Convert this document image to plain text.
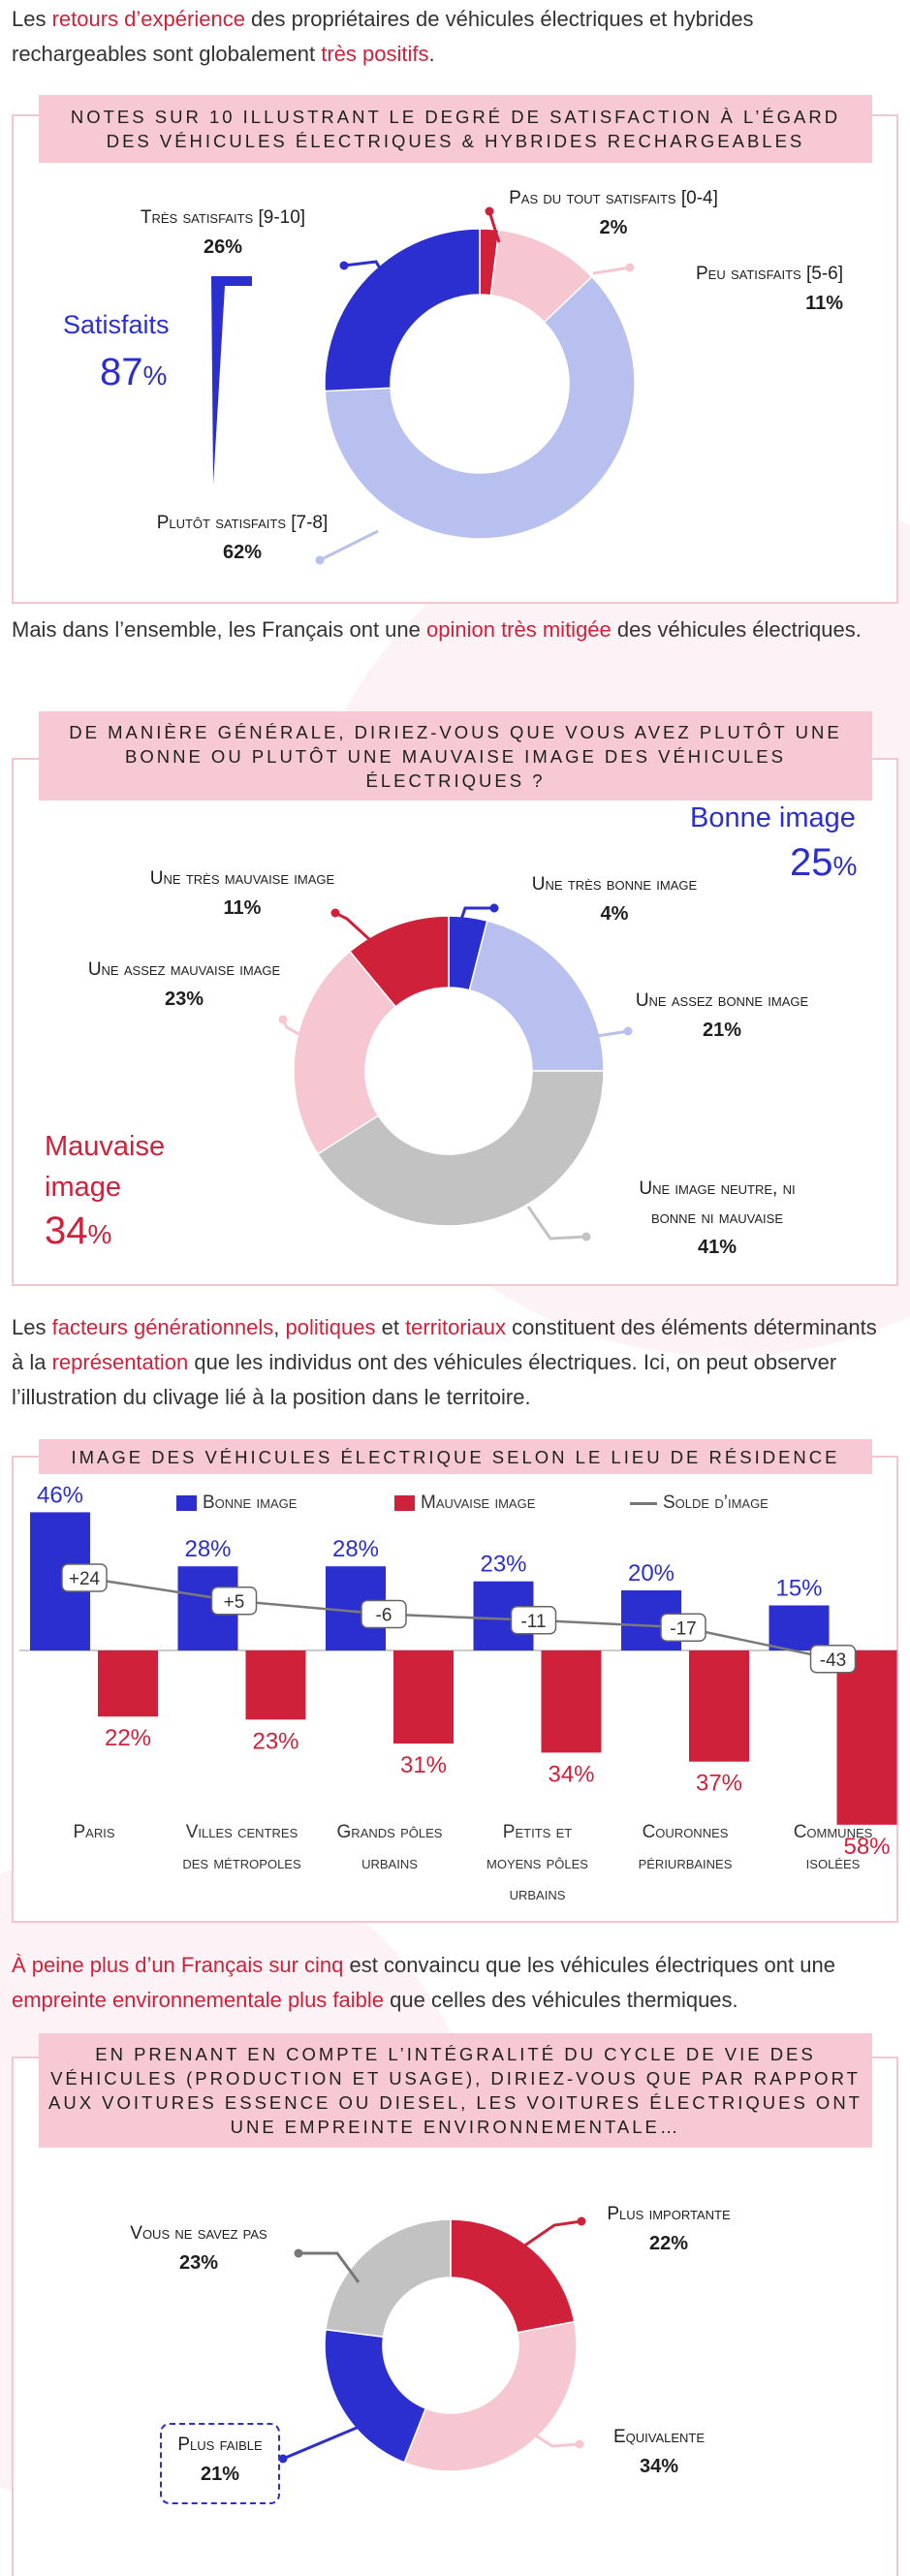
Les retours d’expérience des propriétaires de véhicules électriques et hybrides rechargeables sont globalement très positifs.

NOTES SUR 10 ILLUSTRANT LE DEGRÉ DE SATISFACTION À L’ÉGARD DES VÉHICULES ÉLECTRIQUES & HYBRIDES RECHARGEABLES
Satisfaits
87%
Pas du tout satisfaits [0-4]
2%
Peu satisfaits [5-6]
11%
Plutôt satisfaits [7-8]
62%
Très satisfaits [9-10]
26%

Mais dans l’ensemble, les Français ont une opinion très mitigée des véhicules électriques.

DE MANIÈRE GÉNÉRALE, DIRIEZ-VOUS QUE VOUS AVEZ PLUTÔT UNE BONNE OU PLUTÔT UNE MAUVAISE IMAGE DES VÉHICULES ÉLECTRIQUES ?
Bonne image
25%
Mauvaise
image
34%
Une très bonne image
4%
Une assez bonne image
21%
Une image neutre, ni
bonne ni mauvaise
41%
Une assez mauvaise image
23%
Une très mauvaise image
11%

Les facteurs générationnels, politiques et territoriaux constituent des éléments déterminants à la représentation que les individus ont des véhicules électriques. Ici, on peut observer l’illustration du clivage lié à la position dans le territoire.

IMAGE DES VÉHICULES ÉLECTRIQUE SELON LE LIEU DE RÉSIDENCE
Bonne image	Mauvaise image	Solde d’image
46%
22%
28%
23%
28%
31%
23%
34%
20%
37%
15%
58%
+24
+5
-6	-11	-17
-43
Paris	Villes centres
des métropoles
Grands pôles
urbains
Petits et
moyens pôles
urbains
Couronnes
périurbaines
Communes
isolées

À peine plus d’un Français sur cinq est convaincu que les véhicules électriques ont une empreinte environnementale plus faible que celles des véhicules thermiques.

EN PRENANT EN COMPTE L’INTÉGRALITÉ DU CYCLE DE VIE DES VÉHICULES (PRODUCTION ET USAGE), DIRIEZ-VOUS QUE PAR RAPPORT AUX VOITURES ESSENCE OU DIESEL, LES VOITURES ÉLECTRIQUES ONT UNE EMPREINTE ENVIRONNEMENTALE…
Plus importante
22%
Equivalente
34%
Plus faible
21%
Vous ne savez pas
23%
